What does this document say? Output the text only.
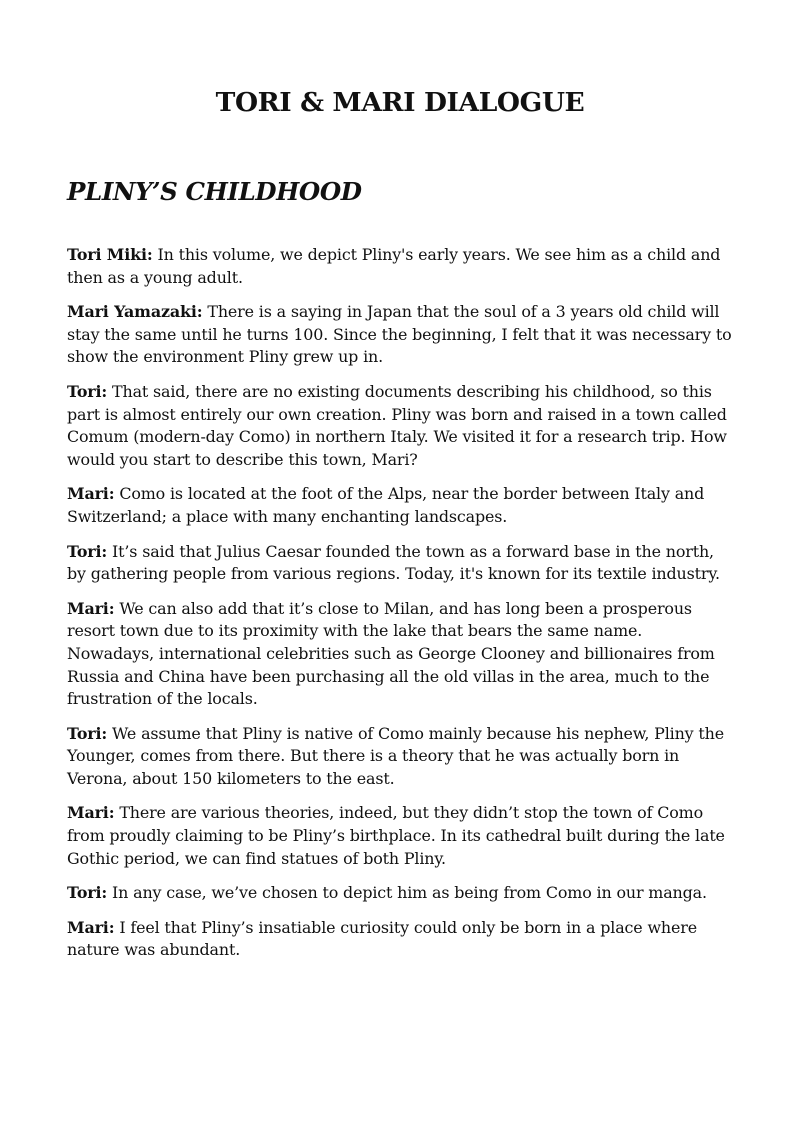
TORI & MARI DIALOGUE
PLINY’S CHILDHOOD

Tori Miki: In this volume, we depict Pliny's early years. We see him as a child and then as a young adult.

Mari Yamazaki: There is a saying in Japan that the soul of a 3 years old child will stay the same until he turns 100. Since the beginning, I felt that it was necessary to show the environment Pliny grew up in.

Tori: That said, there are no existing documents describing his childhood, so this part is almost entirely our own creation. Pliny was born and raised in a town called Comum (modern-day Como) in northern Italy. We visited it for a research trip. How would you start to describe this town, Mari?

Mari: Como is located at the foot of the Alps, near the border between Italy and Switzerland; a place with many enchanting landscapes.

Tori: It’s said that Julius Caesar founded the town as a forward base in the north, by gathering people from various regions. Today, it's known for its textile industry.

Mari: We can also add that it’s close to Milan, and has long been a prosperous resort town due to its proximity with the lake that bears the same name. Nowadays, international celebrities such as George Clooney and billionaires from Russia and China have been purchasing all the old villas in the area, much to the frustration of the locals.

Tori: We assume that Pliny is native of Como mainly because his nephew, Pliny the Younger, comes from there. But there is a theory that he was actually born in Verona, about 150 kilometers to the east.

Mari: There are various theories, indeed, but they didn’t stop the town of Como from proudly claiming to be Pliny’s birthplace. In its cathedral built during the late Gothic period, we can find statues of both Pliny.

Tori: In any case, we’ve chosen to depict him as being from Como in our manga.

Mari: I feel that Pliny’s insatiable curiosity could only be born in a place where nature was abundant.
